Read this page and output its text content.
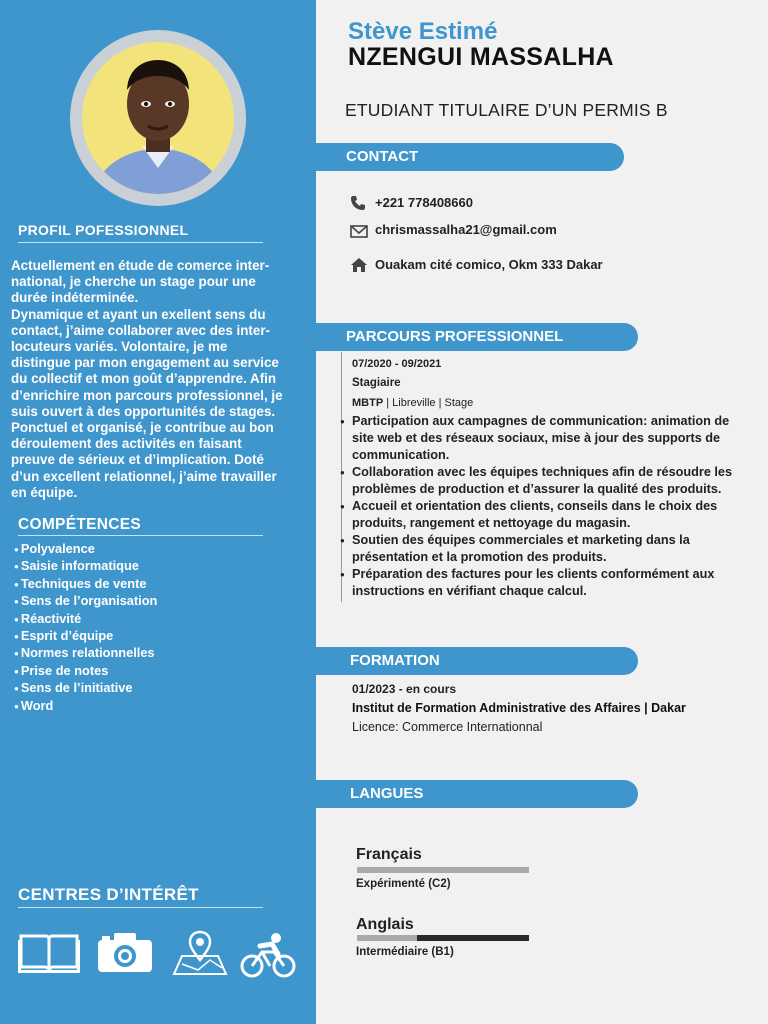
PROFIL POFESSIONNEL
Actuellement en étude de comerce inter-
national, je cherche un stage pour une
durée indéterminée.
Dynamique et ayant un exellent sens du
contact, j’aime collaborer avec des inter-
locuteurs variés. Volontaire, je me
distingue par mon engagement au service
du collectif et mon goût d’apprendre. Afin
d’enrichire mon parcours professionnel, je
suis ouvert à des opportunités de stages.
Ponctuel et organisé, je contribue au bon
déroulement des activités en faisant
preuve de sérieux et d’implication. Doté
d’un excellent relationnel, j’aime travailler
en équipe.
COMPÉTENCES
● Polyvalence
● Saisie informatique
● Techniques de vente
● Sens de l’organisation
● Réactivité
● Esprit d’équipe
● Normes relationnelles
● Prise de notes
● Sens de l’initiative
● Word
CENTRES D’INTÉRÊT
Stève Estimé
NZENGUI MASSALHA
ETUDIANT TITULAIRE D’UN PERMIS B
CONTACT
+221 778408660
chrismassalha21@gmail.com
Ouakam cité comico, Okm 333 Dakar
PARCOURS PROFESSIONNEL
07/2020 - 09/2021
Stagiaire
MBTP | Libreville | Stage
● Participation aux campagnes de communication: animation de site web et des réseaux sociaux, mise à jour des supports de communication.
● Collaboration avec les équipes techniques afin de résoudre les problèmes de production et d’assurer la qualité des produits.
● Accueil et orientation des clients, conseils dans le choix des produits, rangement et nettoyage du magasin.
● Soutien des équipes commerciales et marketing dans la présentation et la promotion des produits.
● Préparation des factures pour les clients conformément aux instructions en vérifiant chaque calcul.
FORMATION
01/2023 - en cours
Institut de Formation Administrative des Affaires | Dakar
Licence: Commerce Internationnal
LANGUES
Français
Expérimenté (C2)
Anglais
Intermédiaire (B1)
